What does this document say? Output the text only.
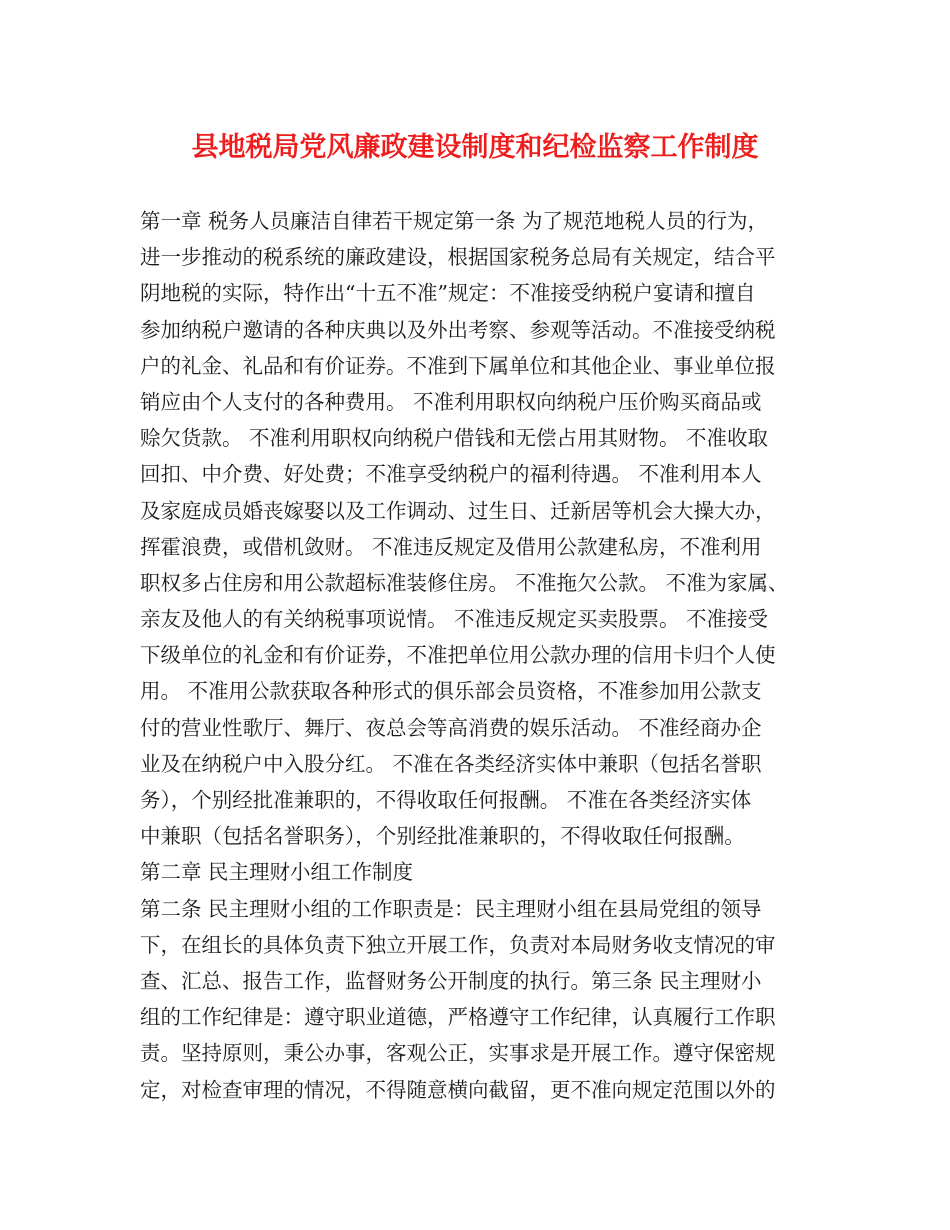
县地税局党风廉政建设制度和纪检监察工作制度
第一章 税务人员廉洁自律若干规定第一条 为了规范地税人员的行为，
进一步推动的税系统的廉政建设，根据国家税务总局有关规定，结合平
阴地税的实际，特作出“十五不准”规定：不准接受纳税户宴请和擅自
参加纳税户邀请的各种庆典以及外出考察、参观等活动。不准接受纳税
户的礼金、礼品和有价证券。不准到下属单位和其他企业、事业单位报
销应由个人支付的各种费用。 不准利用职权向纳税户压价购买商品或
赊欠货款。 不准利用职权向纳税户借钱和无偿占用其财物。 不准收取
回扣、中介费、好处费；不准享受纳税户的福利待遇。 不准利用本人
及家庭成员婚丧嫁娶以及工作调动、过生日、迁新居等机会大操大办，
挥霍浪费，或借机敛财。 不准违反规定及借用公款建私房，不准利用
职权多占住房和用公款超标准装修住房。 不准拖欠公款。 不准为家属、
亲友及他人的有关纳税事项说情。 不准违反规定买卖股票。 不准接受
下级单位的礼金和有价证券，不准把单位用公款办理的信用卡归个人使
用。 不准用公款获取各种形式的俱乐部会员资格，不准参加用公款支
付的营业性歌厅、舞厅、夜总会等高消费的娱乐活动。 不准经商办企
业及在纳税户中入股分红。 不准在各类经济实体中兼职（包括名誉职
务），个别经批准兼职的，不得收取任何报酬。 不准在各类经济实体
中兼职（包括名誉职务），个别经批准兼职的，不得收取任何报酬。
第二章 民主理财小组工作制度
第二条 民主理财小组的工作职责是：民主理财小组在县局党组的领导
下，在组长的具体负责下独立开展工作，负责对本局财务收支情况的审
查、汇总、报告工作，监督财务公开制度的执行。第三条 民主理财小
组的工作纪律是：遵守职业道德，严格遵守工作纪律，认真履行工作职
责。坚持原则，秉公办事，客观公正，实事求是开展工作。遵守保密规
定，对检查审理的情况，不得随意横向截留，更不准向规定范围以外的
